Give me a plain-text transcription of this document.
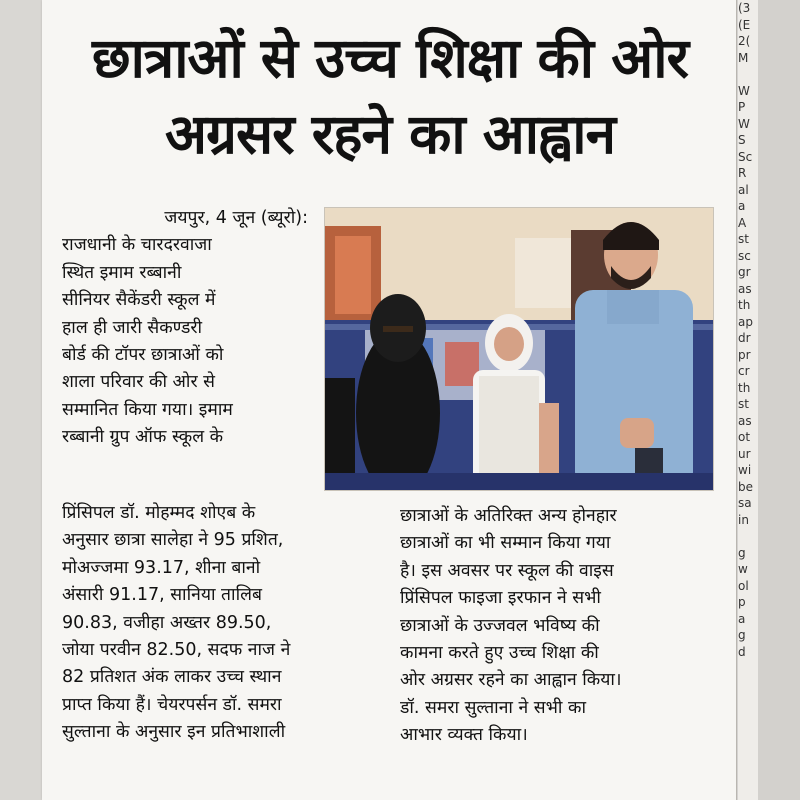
छात्राओं से उच्च शिक्षा की ओर
अग्रसर रहने का आह्वान
जयपुर, 4 जून (ब्यूरो):
राजधानी के चारदरवाजा
स्थित इमाम रब्बानी
सीनियर सैकेंडरी स्कूल में
हाल ही जारी सैकण्डरी
बोर्ड की टॉपर छात्राओं को
शाला परिवार की ओर से
सम्मानित किया गया। इमाम
रब्बानी ग्रुप ऑफ स्कूल के
प्रिंसिपल डॉ. मोहम्मद शोएब के
अनुसार छात्रा सालेहा ने 95 प्रशित,
मोअज्जमा 93.17, शीना बानो
अंसारी 91.17, सानिया तालिब
90.83, वजीहा अख्तर 89.50,
जोया परवीन 82.50, सदफ नाज ने
82 प्रतिशत अंक लाकर उच्च स्थान
प्राप्त किया हैं। चेयरपर्सन डॉ. समरा
सुल्ताना के अनुसार इन प्रतिभाशाली
छात्राओं के अतिरिक्त अन्य होनहार
छात्राओं का भी सम्मान किया गया
है। इस अवसर पर स्कूल की वाइस
प्रिंसिपल फाइजा इरफान ने सभी
छात्राओं के उज्जवल भविष्य की
कामना करते हुए उच्च शिक्षा की
ओर अग्रसर रहने का आह्वान किया।
डॉ. समरा सुल्ताना ने सभी का
आभार व्यक्त किया।
(3
(E
2(
M
W
P
W
S
Sc
R
al
a
A
st
sc
gr
as
th
ap
dr
pr
cr
th
st
as
ot
ur
wi
be
sa
in
g
w
ol
p
a
g
d
